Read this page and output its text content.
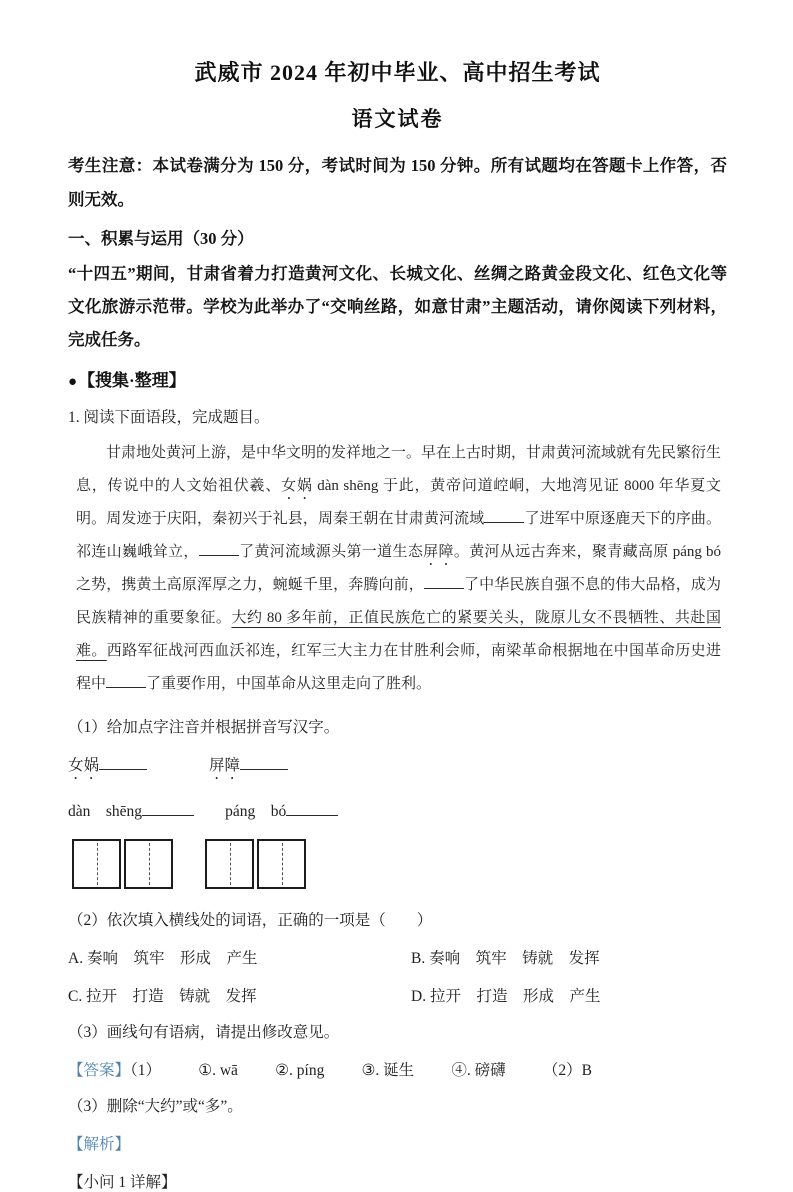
武威市 2024 年初中毕业、高中招生考试
语文试卷

考生注意：本试卷满分为 150 分，考试时间为 150 分钟。所有试题均在答题卡上作答，否则无效。

一、积累与运用（30 分）

“十四五”期间，甘肃省着力打造黄河文化、长城文化、丝绸之路黄金段文化、红色文化等文化旅游示范带。学校为此举办了“交响丝路，如意甘肃”主题活动，请你阅读下列材料，完成任务。

●【搜集·整理】

1. 阅读下面语段，完成题目。

甘肃地处黄河上游，是中华文明的发祥地之一。早在上古时期，甘肃黄河流域就有先民繁衍生息，传说中的人文始祖伏羲、女娲 dàn shēng 于此，黄帝问道崆峒，大地湾见证 8000 年华夏文明。周发迹于庆阳，秦初兴于礼县，周秦王朝在甘肃黄河流域	了进军中原逐鹿天下的序曲。祁连山巍峨耸立，	了黄河流域源头第一道生态屏障。黄河从远古奔来，聚青藏高原 páng bó之势，携黄土高原浑厚之力，蜿蜒千里，奔腾向前，	了中华民族自强不息的伟大品格，成为民族精神的重要象征。大约 80 多年前，正值民族危亡的紧要关头，陇原儿女不畏牺牲、共赴国难。西路军征战河西血沃祁连，红军三大主力在甘胜利会师，南梁革命根据地在中国革命历史进程中	了重要作用，中国革命从这里走向了胜利。

（1）给加点字注音并根据拼音写汉字。

女娲　　　　	屏障

dàn　shēng　　	páng　bó

（2）依次填入横线处的词语，正确的一项是（　　）

A. 奏响　筑牢　形成　产生	B. 奏响　筑牢　铸就　发挥
C. 拉开　打造　铸就　发挥	D. 拉开　打造　形成　产生

（3）画线句有语病，请提出修改意见。

【答案】（1） ①. wā ②. píng ③. 诞生 ④. 磅礴 （2）B

（3）删除“大约”或“多”。

【解析】

【小问 1 详解】
